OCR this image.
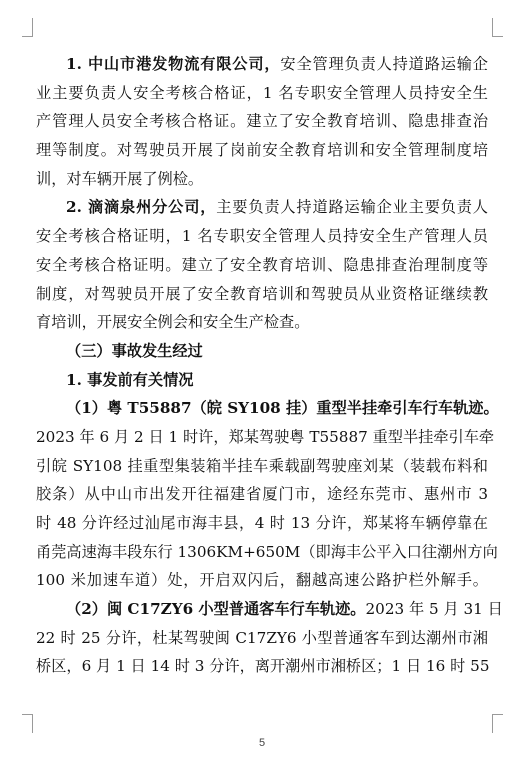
1. 中山市港发物流有限公司，安全管理负责人持道路运输企
业主要负责人安全考核合格证，1 名专职安全管理人员持安全生
产管理人员安全考核合格证。建立了安全教育培训、隐患排查治
理等制度。对驾驶员开展了岗前安全教育培训和安全管理制度培
训，对车辆开展了例检。
2. 滴滴泉州分公司，主要负责人持道路运输企业主要负责人
安全考核合格证明，1 名专职安全管理人员持安全生产管理人员
安全考核合格证明。建立了安全教育培训、隐患排查治理制度等
制度，对驾驶员开展了安全教育培训和驾驶员从业资格证继续教
育培训，开展安全例会和安全生产检查。
（三）事故发生经过
1. 事发前有关情况
（1）粤 T55887（皖 SY108 挂）重型半挂牵引车行车轨迹。
2023 年 6 月 2 日 1 时许，郑某驾驶粤 T55887 重型半挂牵引车牵
引皖 SY108 挂重型集装箱半挂车乘载副驾驶座刘某（装载布料和
胶条）从中山市出发开往福建省厦门市，途经东莞市、惠州市 3
时 48 分许经过汕尾市海丰县，4 时 13 分许，郑某将车辆停靠在
甬莞高速海丰段东行 1306KM+650M（即海丰公平入口往潮州方向
100 米加速车道）处，开启双闪后，翻越高速公路护栏外解手。
（2）闽 C17ZY6 小型普通客车行车轨迹。2023 年 5 月 31 日
22 时 25 分许，杜某驾驶闽 C17ZY6 小型普通客车到达潮州市湘
桥区，6 月 1 日 14 时 3 分许，离开潮州市湘桥区；1 日 16 时 55
5
